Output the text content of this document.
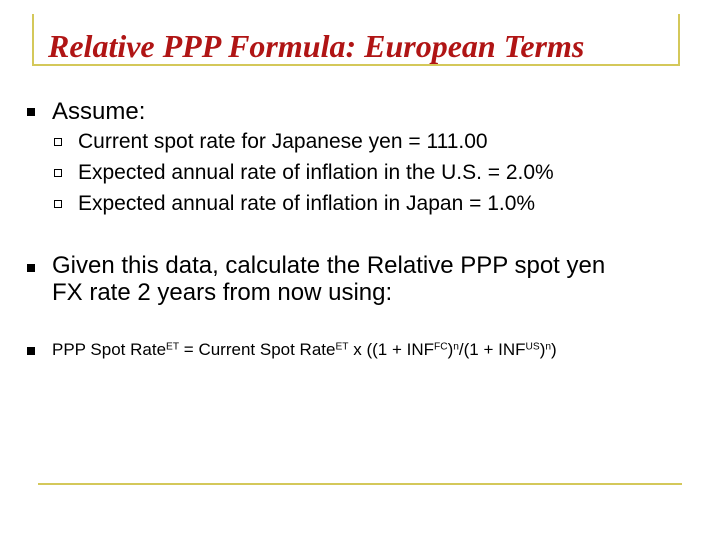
Relative PPP Formula: European Terms
Assume:
Current spot rate for Japanese yen = 111.00
Expected annual rate of inflation in the U.S. = 2.0%
Expected annual rate of inflation in Japan = 1.0%
Given this data, calculate the Relative PPP spot yen
FX rate 2 years from now using:
PPP Spot Rate$^{ET}$ = Current Spot Rate$^{ET}$ x $((1 + INF^{FC})^n/(1 + INF^{US})^n)$
